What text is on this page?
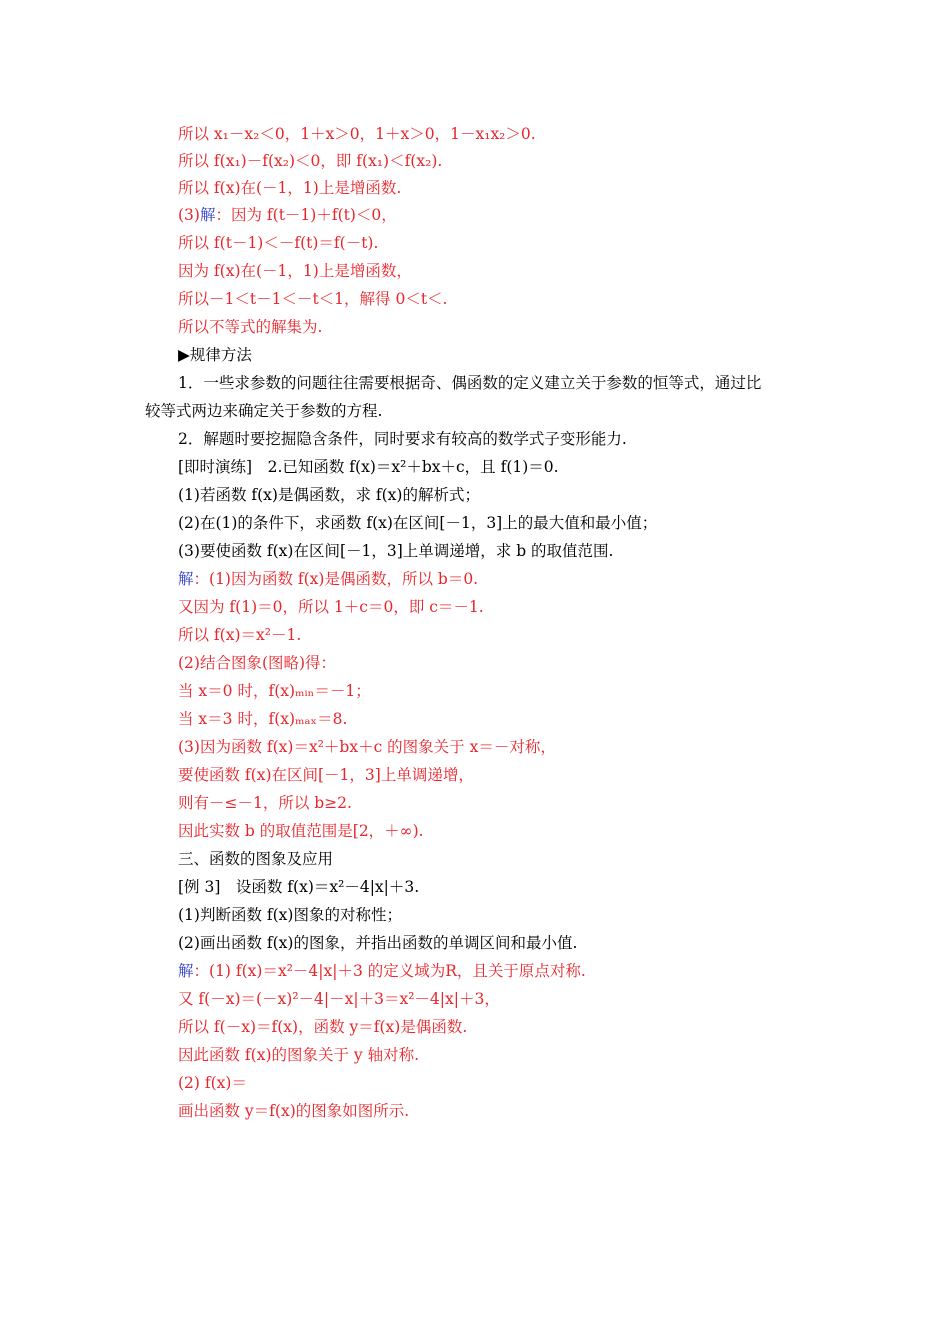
所以 x₁－x₂＜0，1＋x＞0，1＋x＞0，1－x₁x₂＞0.
所以 f(x₁)－f(x₂)＜0，即 f(x₁)＜f(x₂).
所以 f(x)在(－1，1)上是增函数.
(3)解：因为 f(t－1)＋f(t)＜0，
所以 f(t－1)＜－f(t)＝f(－t).
因为 f(x)在(－1，1)上是增函数，
所以－1＜t－1＜－t＜1，解得 0＜t＜.
所以不等式的解集为.
▶规律方法
1．一些求参数的问题往往需要根据奇、偶函数的定义建立关于参数的恒等式，通过比
较等式两边来确定关于参数的方程.
2．解题时要挖掘隐含条件，同时要求有较高的数学式子变形能力.
[即时演练]　2.已知函数 f(x)＝x²＋bx＋c，且 f(1)＝0.
(1)若函数 f(x)是偶函数，求 f(x)的解析式；
(2)在(1)的条件下，求函数 f(x)在区间[－1，3]上的最大值和最小值；
(3)要使函数 f(x)在区间[－1，3]上单调递增，求 b 的取值范围.
解：(1)因为函数 f(x)是偶函数，所以 b＝0.
又因为 f(1)＝0，所以 1＋c＝0，即 c＝－1.
所以 f(x)＝x²－1.
(2)结合图象(图略)得：
当 x＝0 时，f(x)ₘᵢₙ＝－1；
当 x＝3 时，f(x)ₘₐₓ＝8.
(3)因为函数 f(x)＝x²＋bx＋c 的图象关于 x＝－对称，
要使函数 f(x)在区间[－1，3]上单调递增，
则有－≤－1，所以 b≥2.
因此实数 b 的取值范围是[2，＋∞).
三、函数的图象及应用
[例 3]　设函数 f(x)＝x²－4|x|＋3.
(1)判断函数 f(x)图象的对称性；
(2)画出函数 f(x)的图象，并指出函数的单调区间和最小值.
解：(1) f(x)＝x²－4|x|＋3 的定义域为R，且关于原点对称.
又 f(－x)＝(－x)²－4|－x|＋3＝x²－4|x|＋3，
所以 f(－x)＝f(x)，函数 y＝f(x)是偶函数.
因此函数 f(x)的图象关于 y 轴对称.
(2) f(x)＝
画出函数 y＝f(x)的图象如图所示.
